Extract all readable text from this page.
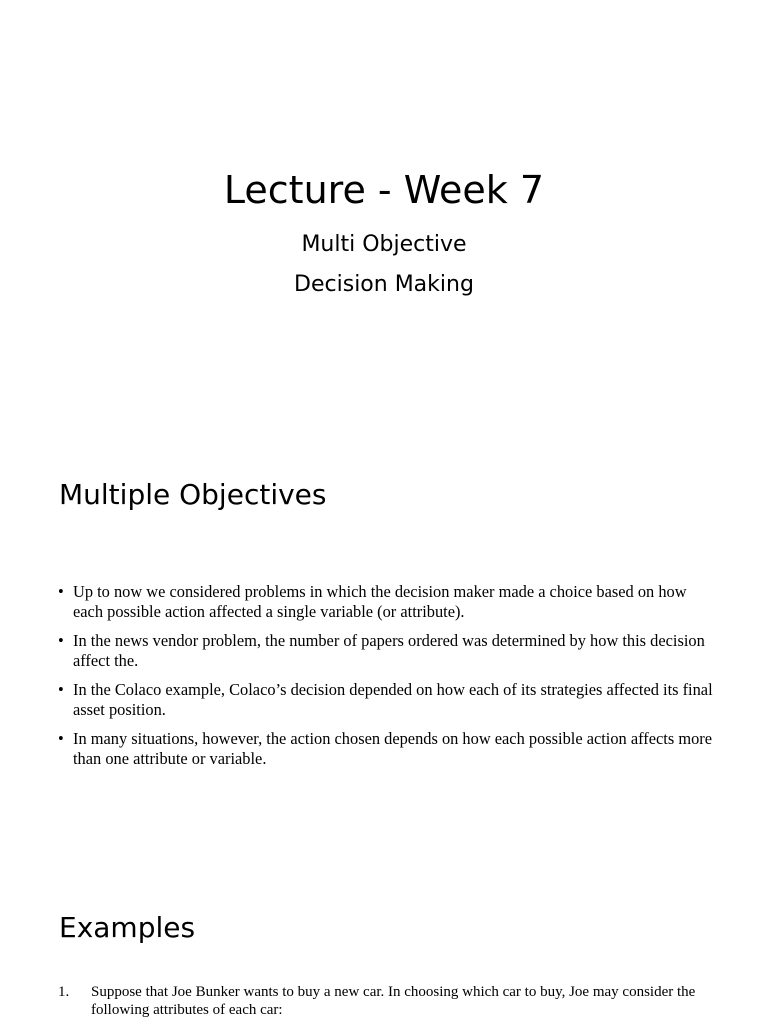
Lecture - Week 7
Multi Objective
Decision Making
Multiple Objectives
• Up to now we considered problems in which the decision maker made a choice based on how each possible action affected a single variable (or attribute).
• In the news vendor problem, the number of papers ordered was determined by how this decision affect the.
• In the Colaco example, Colaco’s decision depended on how each of its strategies affected its final asset position.
• In many situations, however, the action chosen depends on how each possible action affects more than one attribute or variable.
Examples
1. Suppose that Joe Bunker wants to buy a new car. In choosing which car to buy, Joe may consider the following attributes of each car:
